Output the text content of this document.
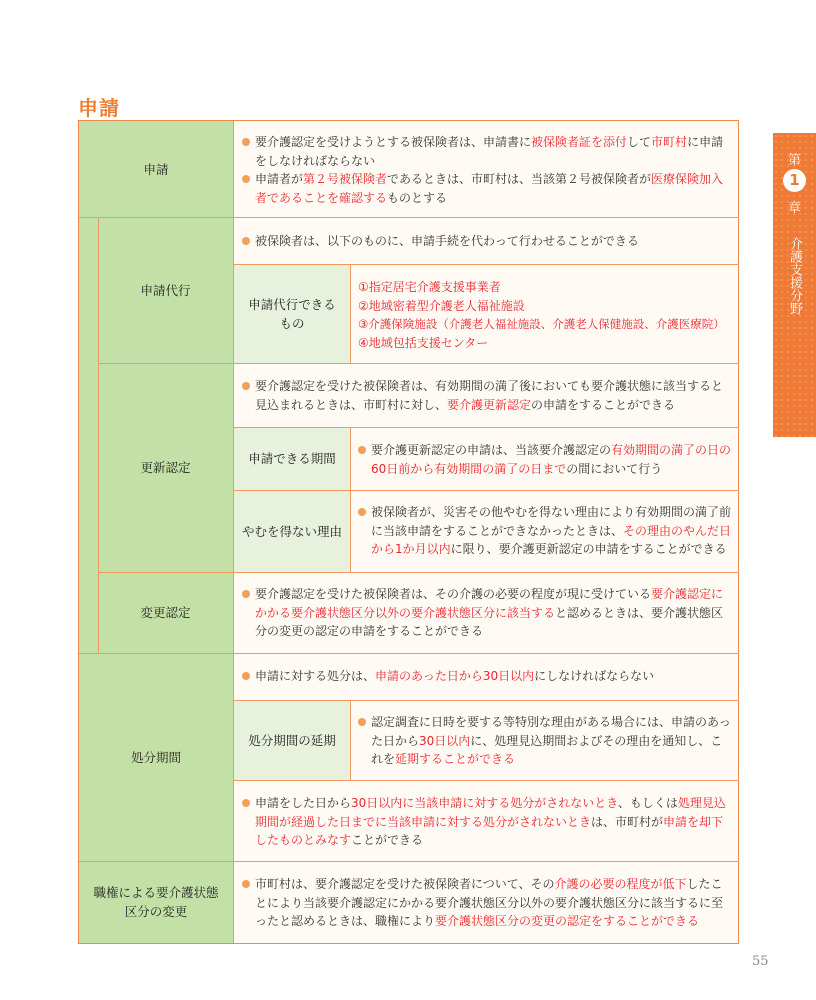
申請
申請
申請代行
更新認定
変更認定
処分期間
職権による要介護状態区分の変更
申請代行できるもの
申請できる期間
やむを得ない理由
処分期間の延期
要介護認定を受けようとする被保険者は、申請書に被保険者証を添付して市町村に申請をしなければならない
申請者が第２号被保険者であるときは、市町村は、当該第２号被保険者が医療保険加入者であることを確認するものとする
被保険者は、以下のものに、申請手続を代わって行わせることができる
①指定居宅介護支援事業者
②地域密着型介護老人福祉施設
③介護保険施設（介護老人福祉施設、介護老人保健施設、介護医療院）
④地域包括支援センター
要介護認定を受けた被保険者は、有効期間の満了後においても要介護状態に該当すると見込まれるときは、市町村に対し、要介護更新認定の申請をすることができる
要介護更新認定の申請は、当該要介護認定の有効期間の満了の日の60日前から有効期間の満了の日までの間において行う
被保険者が、災害その他やむを得ない理由により有効期間の満了前に当該申請をすることができなかったときは、その理由のやんだ日から1か月以内に限り、要介護更新認定の申請をすることができる
要介護認定を受けた被保険者は、その介護の必要の程度が現に受けている要介護認定にかかる要介護状態区分以外の要介護状態区分に該当すると認めるときは、要介護状態区分の変更の認定の申請をすることができる
申請に対する処分は、申請のあった日から30日以内にしなければならない
認定調査に日時を要する等特別な理由がある場合には、申請のあった日から30日以内に、処理見込期間およびその理由を通知し、これを延期することができる
申請をした日から30日以内に当該申請に対する処分がされないとき、もしくは処理見込期間が経過した日までに当該申請に対する処分がされないときは、市町村が申請を却下したものとみなすことができる
市町村は、要介護認定を受けた被保険者について、その介護の必要の程度が低下したことにより当該要介護認定にかかる要介護状態区分以外の要介護状態区分に該当するに至ったと認めるときは、職権により要介護状態区分の変更の認定をすることができる
第
1
章
介護支援分野
55
